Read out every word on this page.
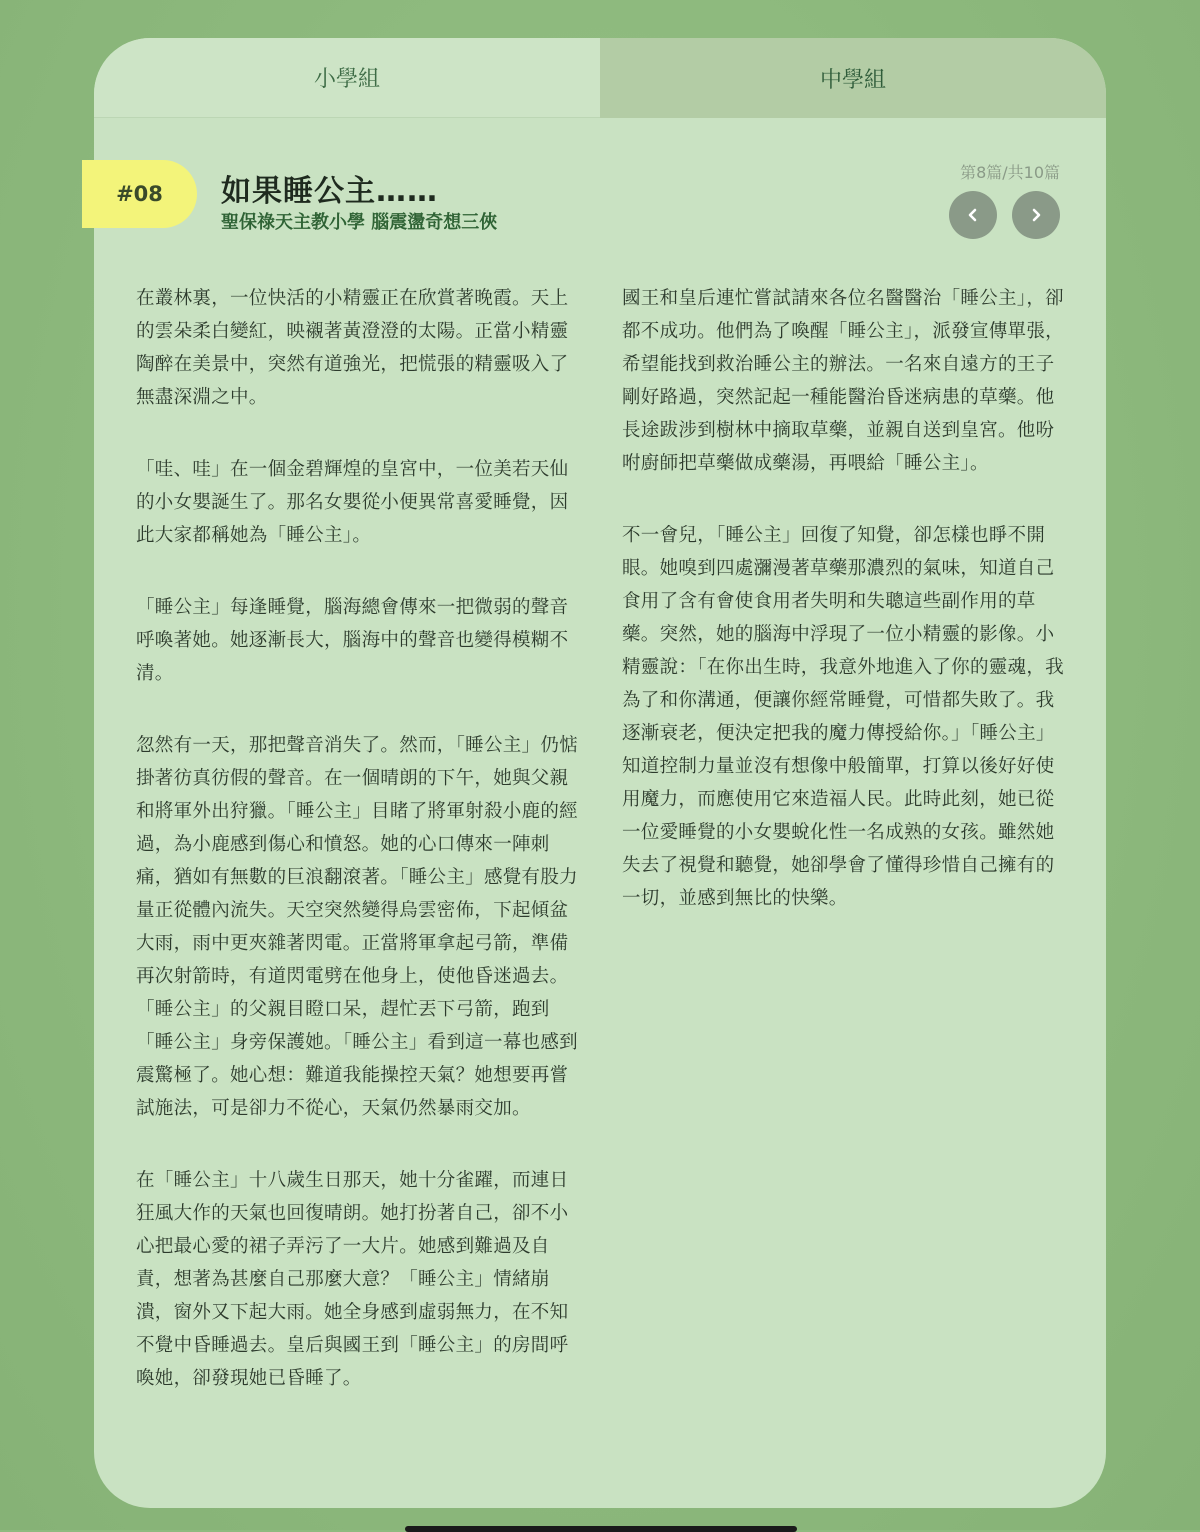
小學組	中學組
#08	如果睡公主……
聖保祿天主教小學 腦震盪奇想三俠
第8篇/共10篇

在叢林裏，一位快活的小精靈正在欣賞著晚霞。天上的雲朵柔白變紅，映襯著黃澄澄的太陽。正當小精靈陶醉在美景中，突然有道強光，把慌張的精靈吸入了無盡深淵之中。

「哇、哇」在一個金碧輝煌的皇宮中，一位美若天仙的小女嬰誕生了。那名女嬰從小便異常喜愛睡覺，因此大家都稱她為「睡公主」。

「睡公主」每逢睡覺，腦海總會傳來一把微弱的聲音呼喚著她。她逐漸長大，腦海中的聲音也變得模糊不清。

忽然有一天，那把聲音消失了。然而，「睡公主」仍惦掛著彷真彷假的聲音。在一個晴朗的下午，她與父親和將軍外出狩獵。「睡公主」目睹了將軍射殺小鹿的經過，為小鹿感到傷心和憤怒。她的心口傳來一陣刺痛，猶如有無數的巨浪翻滾著。「睡公主」感覺有股力量正從體內流失。天空突然變得烏雲密佈，下起傾盆大雨，雨中更夾雜著閃電。正當將軍拿起弓箭，準備再次射箭時，有道閃電劈在他身上，使他昏迷過去。「睡公主」的父親目瞪口呆，趕忙丟下弓箭，跑到「睡公主」身旁保護她。「睡公主」看到這一幕也感到震驚極了。她心想：難道我能操控天氣？她想要再嘗試施法，可是卻力不從心，天氣仍然暴雨交加。

在「睡公主」十八歲生日那天，她十分雀躍，而連日狂風大作的天氣也回復晴朗。她打扮著自己，卻不小心把最心愛的裙子弄污了一大片。她感到難過及自責，想著為甚麼自己那麼大意？「睡公主」情緒崩潰，窗外又下起大雨。她全身感到虛弱無力，在不知不覺中昏睡過去。皇后與國王到「睡公主」的房間呼喚她，卻發現她已昏睡了。

國王和皇后連忙嘗試請來各位名醫醫治「睡公主」，卻都不成功。他們為了喚醒「睡公主」，派發宣傳單張，希望能找到救治睡公主的辦法。一名來自遠方的王子剛好路過，突然記起一種能醫治昏迷病患的草藥。他長途跋涉到樹林中摘取草藥，並親自送到皇宮。他吩咐廚師把草藥做成藥湯，再喂給「睡公主」。

不一會兒，「睡公主」回復了知覺，卻怎樣也睜不開眼。她嗅到四處瀰漫著草藥那濃烈的氣味，知道自己食用了含有會使食用者失明和失聰這些副作用的草藥。突然，她的腦海中浮現了一位小精靈的影像。小精靈說：「在你出生時，我意外地進入了你的靈魂，我為了和你溝通，便讓你經常睡覺，可惜都失敗了。我逐漸衰老，便決定把我的魔力傳授給你。」「睡公主」知道控制力量並沒有想像中般簡單，打算以後好好使用魔力，而應使用它來造福人民。此時此刻，她已從一位愛睡覺的小女嬰蛻化性一名成熟的女孩。雖然她失去了視覺和聽覺，她卻學會了懂得珍惜自己擁有的一切，並感到無比的快樂。
